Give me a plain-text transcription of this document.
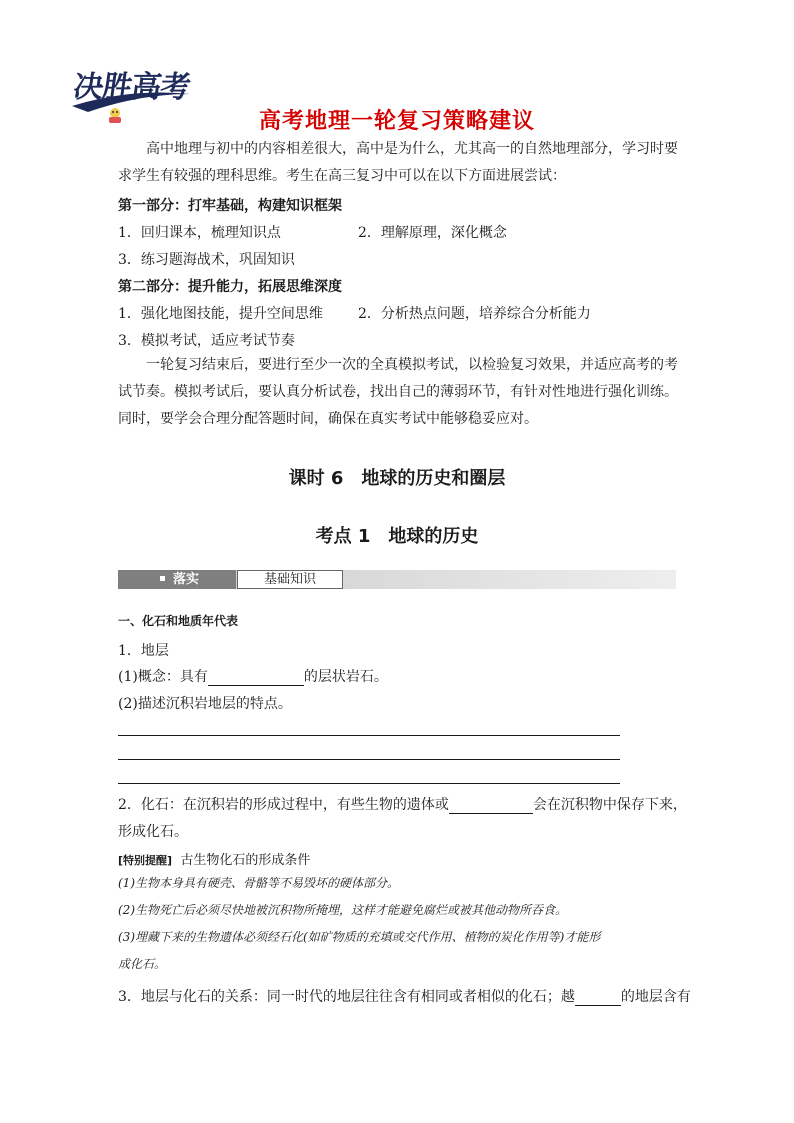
决胜高考
高考地理一轮复习策略建议
高中地理与初中的内容相差很大，高中是为什么，尤其高一的自然地理部分，学习时要求学生有较强的理科思维。考生在高三复习中可以在以下方面进展尝试：
第一部分：打牢基础，构建知识框架
1．回归课本，梳理知识点	2．理解原理，深化概念
3．练习题海战术，巩固知识
第二部分：提升能力，拓展思维深度
1．强化地图技能，提升空间思维	2．分析热点问题，培养综合分析能力
3．模拟考试，适应考试节奏
一轮复习结束后，要进行至少一次的全真模拟考试，以检验复习效果，并适应高考的考试节奏。模拟考试后，要认真分析试卷，找出自己的薄弱环节，有针对性地进行强化训练。同时，要学会合理分配答题时间，确保在真实考试中能够稳妥应对。
课时 6　地球的历史和圈层
考点 1　地球的历史
落实	基础知识
一、化石和地质年代表
1．地层
(1)概念：具有	的层状岩石。
(2)描述沉积岩地层的特点。
2．化石：在沉积岩的形成过程中，有些生物的遗体或	会在沉积物中保存下来，
形成化石。
[特别提醒] 古生物化石的形成条件
(1)生物本身具有硬壳、骨骼等不易毁坏的硬体部分。
(2)生物死亡后必须尽快地被沉积物所掩埋，这样才能避免腐烂或被其他动物所吞食。
(3)埋藏下来的生物遗体必须经石化(如矿物质的充填或交代作用、植物的炭化作用等)才能形
成化石。
3．地层与化石的关系：同一时代的地层往往含有相同或者相似的化石；越	的地层含有
